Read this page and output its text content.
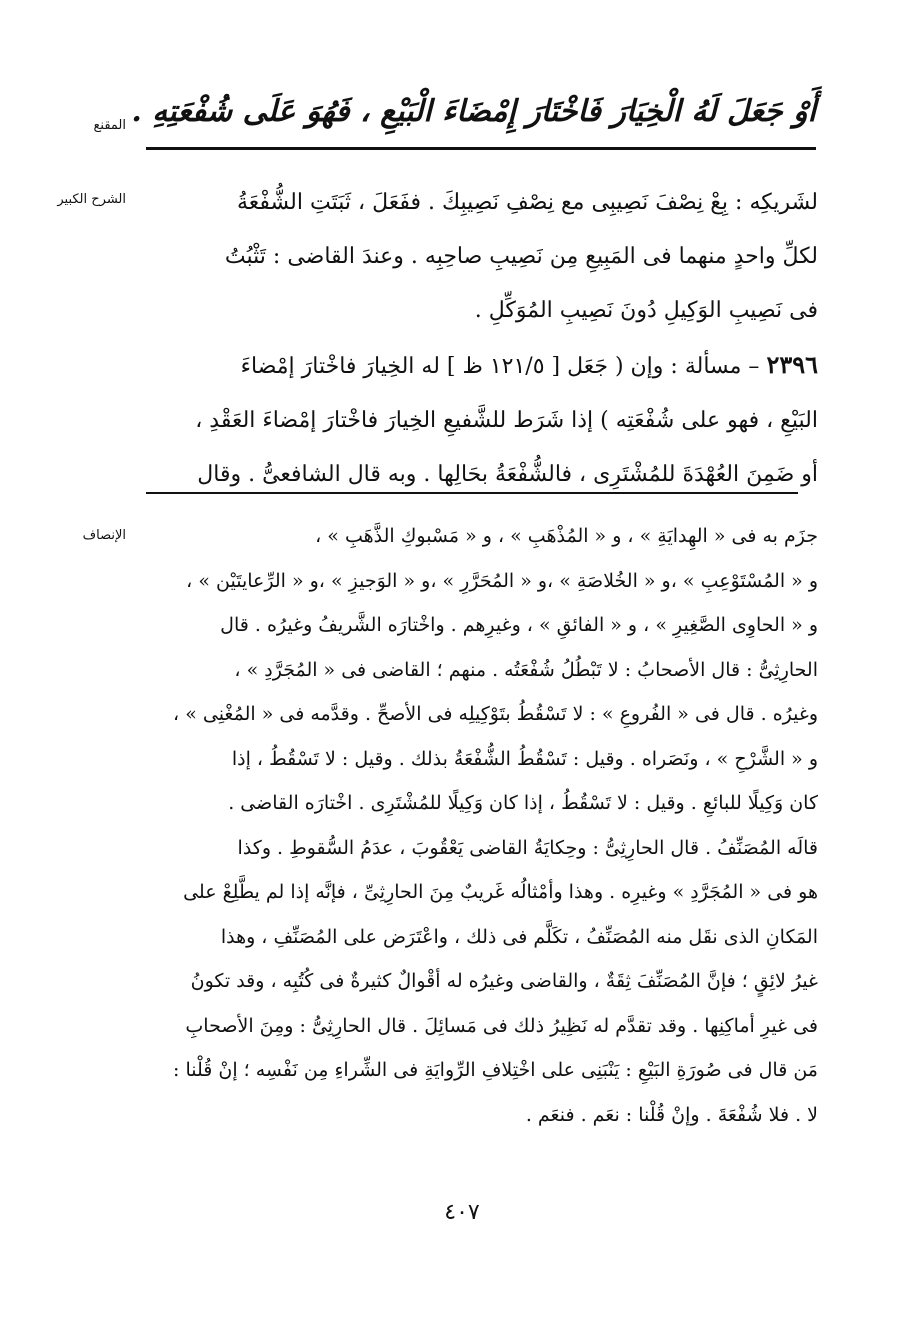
المقنع أَوْ جَعَلَ لَهُ الْخِيَارَ فَاخْتَارَ إِمْضَاءَ الْبَيْعِ ، فَهُوَ عَلَى شُفْعَتِهِ .
الشرح الكبير	لشَريكِه : بِعْ نِصْفَ نَصِيبِى مع نِصْفِ نَصِيبِكَ . ففَعَلَ ، ثَبَتَتِ الشُّفْعَةُ

لكلِّ واحدٍ منهما فى المَبِيعِ مِن نَصِيبِ صاحِبِه . وعندَ القاضى : تَثْبُتُ

فى نَصِيبِ الوَكِيلِ دُونَ نَصِيبِ المُوَكِّلِ .

٢٣٩٦ – مسألة : وإن ( جَعَل [ ١٢١/٥ ظ ] له الخِيارَ فاخْتارَ إمْضاءَ

البَيْعِ ، فهو على شُفْعَتِه ) إذا شَرَط للشَّفيعِ الخِيارَ فاخْتارَ إمْضاءَ العَقْدِ ،

أو ضَمِنَ العُهْدَةَ للمُشْتَرِى ، فالشُّفْعَةُ بحَالِها . وبه قال الشافعىُّ . وقال

الإنصاف	جزَم به فى « الهِدايَةِ » ، و « المُذْهَبِ » ، و « مَسْبوكِ الذَّهَبِ » ،

و « المُسْتَوْعِبِ » ،و « الخُلاصَةِ » ،و « المُحَرَّرِ » ،و « الوَجيزِ » ،و « الرِّعايتَيْن » ،

و « الحاوِى الصَّغِيرِ » ، و « الفائقِ » ، وغيرِهم . واخْتارَه الشَّريفُ وغيرُه . قال

الحارِثِىُّ : قال الأصحابُ : لا تَبْطُلُ شُفْعَتُه . منهم ؛ القاضى فى « المُجَرَّدِ » ،

وغيرُه . قال فى « الفُروعِ » : لا تَسْقُطُ بتَوْكِيلِه فى الأصحِّ . وقدَّمه فى « المُغْنِى » ،

و « الشَّرْحِ » ، ونَصَراه . وقيل : تَسْقُطُ الشُّفْعَةُ بذلك . وقيل : لا تَسْقُطُ ، إذا

كان وَكِيلًا للبائعِ . وقيل : لا تَسْقُطُ ، إذا كان وَكِيلًا للمُشْتَرِى . اخْتارَه القاضى .

قالَه المُصَنِّفُ . قال الحارِثِىُّ : وحِكايَةُ القاضى يَعْقُوبَ ، عدَمُ السُّقوطِ . وكذا

هو فى « المُجَرَّدِ » وغيرِه . وهذا وأمْثالُه غَريبٌ مِنَ الحارِثِىِّ ، فإنَّه إذا لم يطَّلِعْ على

المَكانِ الذى نقَل منه المُصَنِّفُ ، تكَلَّم فى ذلك ، واعْتَرَض على المُصَنِّفِ ، وهذا

غيرُ لائِقٍ ؛ فإنَّ المُصَنِّفَ ثِقَةٌ ، والقاضى وغيرُه له أقْوالٌ كثيرةٌ فى كُتُبِه ، وقد تكونُ

فى غيرِ أماكِنِها . وقد تقدَّم له نَظِيرُ ذلك فى مَسائِلَ . قال الحارِثِىُّ : ومِنَ الأصحابِ

مَن قال فى صُورَةِ البَيْعِ : يَنْبَنِى على اخْتِلافِ الرِّوايَةِ فى الشِّراءِ مِن نَفْسِه ؛ إنْ قُلْنا :

لا . فلا شُفْعَةَ . وإنْ قُلْنا : نعَم . فنعَم .

٤٠٧
